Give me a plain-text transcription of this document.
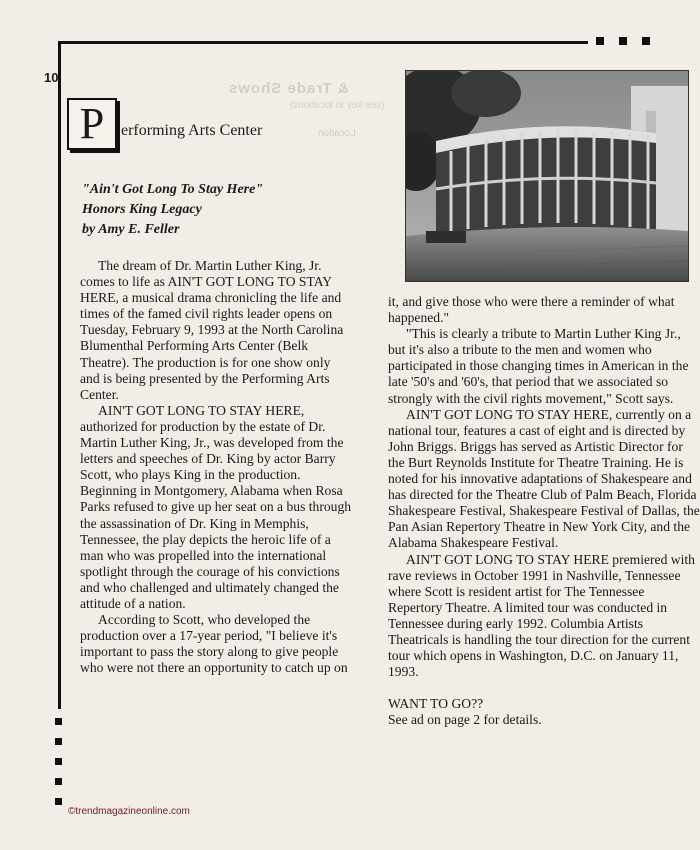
& Trade Shows
(see key to locations)
Location
10
P	erforming Arts Center
"Ain't Got Long To Stay Here"
Honors King Legacy
by Amy E. Feller

The dream of Dr. Martin Luther King, Jr. comes to life as AIN'T GOT LONG TO STAY HERE, a musical drama chronicling the life and times of the famed civil rights leader opens on Tuesday, February 9, 1993 at the North Carolina Blumenthal Performing Arts Center (Belk Theatre). The production is for one show only and is being presented by the Performing Arts Center.

AIN'T GOT LONG TO STAY HERE, authorized for production by the estate of Dr. Martin Luther King, Jr., was developed from the letters and speeches of Dr. King by actor Barry Scott, who plays King in the production. Beginning in Montgomery, Alabama when Rosa Parks refused to give up her seat on a bus through the assassination of Dr. King in Memphis, Tennessee, the play depicts the heroic life of a man who was propelled into the international spotlight through the courage of his convictions and who challenged and ultimately changed the attitude of a nation.

According to Scott, who developed the production over a 17-year period, "I believe it's important to pass the story along to give people who were not there an opportunity to catch up on

it, and give those who were there a reminder of what happened."

"This is clearly a tribute to Martin Luther King Jr., but it's also a tribute to the men and women who participated in those changing times in American in the late '50's and '60's, that period that we associated so strongly with the civil rights movement," Scott says.

AIN'T GOT LONG TO STAY HERE, currently on a national tour, features a cast of eight and is directed by John Briggs. Briggs has served as Artistic Director for the Burt Reynolds Institute for Theatre Training. He is noted for his innovative adaptations of Shakespeare and has directed for the Theatre Club of Palm Beach, Florida Shakespeare Festival, Shakespeare Festival of Dallas, the Pan Asian Repertory Theatre in New York City, and the Alabama Shakespeare Festival.

AIN'T GOT LONG TO STAY HERE premiered with rave reviews in October 1991 in Nashville, Tennessee where Scott is resident artist for The Tennessee Repertory Theatre. A limited tour was conducted in Tennessee during early 1992. Columbia Artists Theatricals is handling the tour direction for the current tour which opens in Washington, D.C. on January 11, 1993.

WANT TO GO??

See ad on page 2 for details.

©trendmagazineonline.com
